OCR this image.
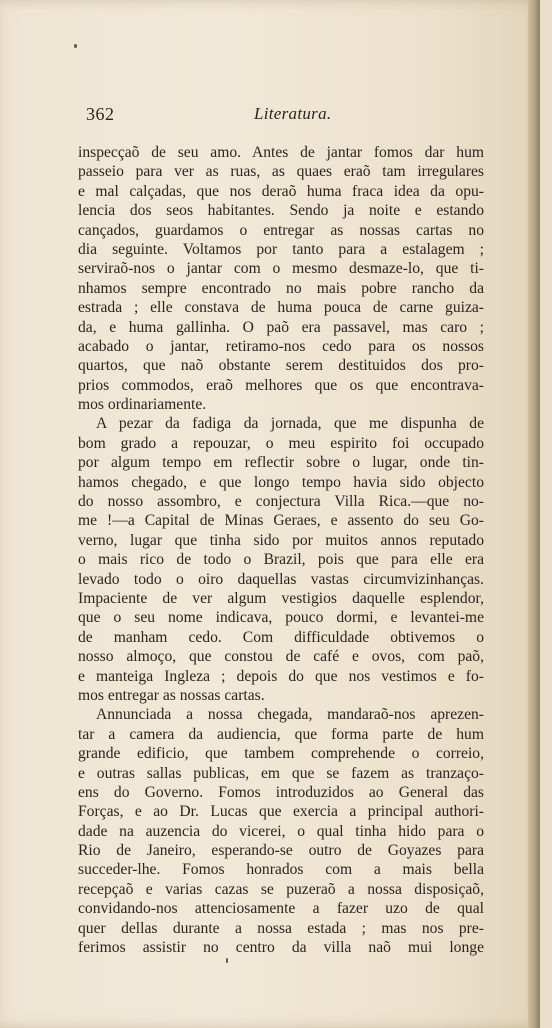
362	Literatura.
inspecçaõ de seu amo. Antes de jantar fomos dar hum
passeio para ver as ruas, as quaes eraõ tam irregulares
e mal calçadas, que nos deraõ huma fraca idea da opu-
lencia dos seos habitantes. Sendo ja noite e estando
cançados, guardamos o entregar as nossas cartas no
dia seguinte. Voltamos por tanto para a estalagem ;
serviraõ-nos o jantar com o mesmo desmaze-lo, que ti-
nhamos sempre encontrado no mais pobre rancho da
estrada ; elle constava de huma pouca de carne guiza-
da, e huma gallinha. O paõ era passavel, mas caro ;
acabado o jantar, retiramo-nos cedo para os nossos
quartos, que naõ obstante serem destituidos dos pro-
prios commodos, eraõ melhores que os que encontrava-
mos ordinariamente.
A pezar da fadiga da jornada, que me dispunha de
bom grado a repouzar, o meu espirito foi occupado
por algum tempo em reflectir sobre o lugar, onde tin-
hamos chegado, e que longo tempo havia sido objecto
do nosso assombro, e conjectura Villa Rica.—que no-
me !—a Capital de Minas Geraes, e assento do seu Go-
verno, lugar que tinha sido por muitos annos reputado
o mais rico de todo o Brazil, pois que para elle era
levado todo o oiro daquellas vastas circumvizinhanças.
Impaciente de ver algum vestigios daquelle esplendor,
que o seu nome indicava, pouco dormi, e levantei-me
de manham cedo. Com difficuldade obtivemos o
nosso almoço, que constou de café e ovos, com paõ,
e manteiga Ingleza ; depois do que nos vestimos e fo-
mos entregar as nossas cartas.
Annunciada a nossa chegada, mandaraõ-nos aprezen-
tar a camera da audiencia, que forma parte de hum
grande edificio, que tambem comprehende o correio,
e outras sallas publicas, em que se fazem as tranzaço-
ens do Governo. Fomos introduzidos ao General das
Forças, e ao Dr. Lucas que exercia a principal authori-
dade na auzencia do vicerei, o qual tinha hido para o
Rio de Janeiro, esperando-se outro de Goyazes para
succeder-lhe. Fomos honrados com a mais bella
recepçaõ e varias cazas se puzeraõ a nossa disposiçaõ,
convidando-nos attenciosamente a fazer uzo de qual
quer dellas durante a nossa estada ; mas nos pre-
ferimos assistir no centro da villa naõ mui longe
